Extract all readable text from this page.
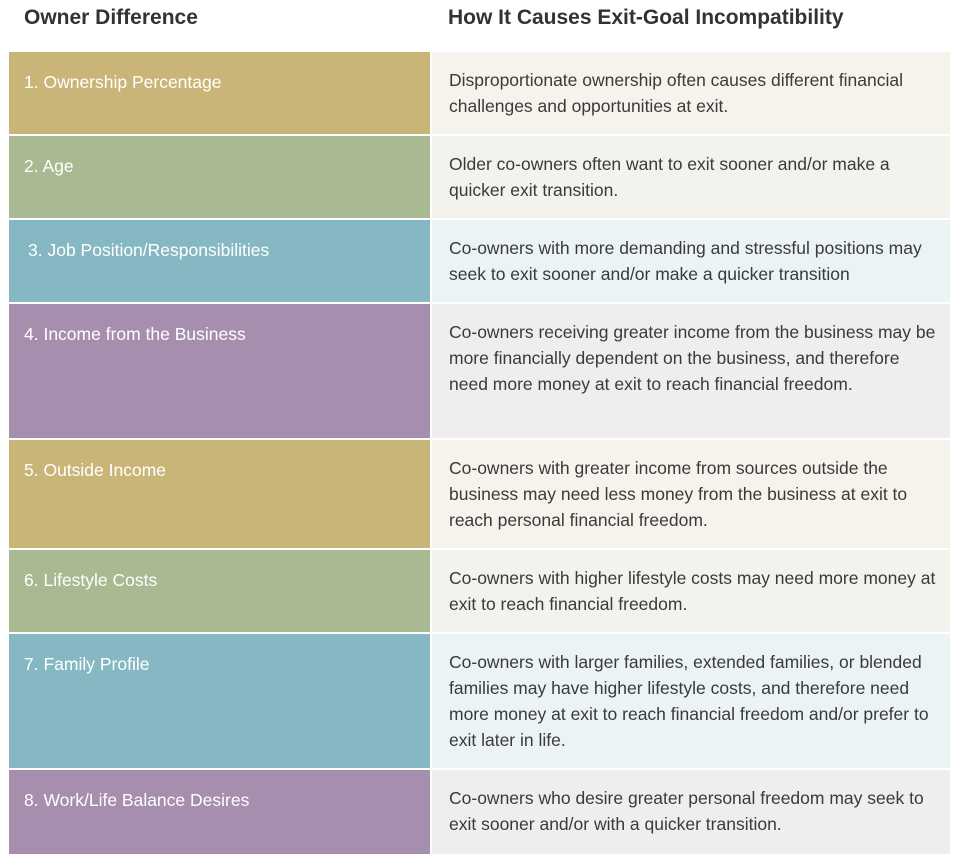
Owner Difference	How It Causes Exit-Goal Incompatibility
1. Ownership Percentage	Disproportionate ownership often causes different financial challenges and opportunities at exit.
2. Age	Older co-owners often want to exit sooner and/or make a quicker exit transition.
3. Job Position/Responsibilities	Co-owners with more demanding and stressful positions may seek to exit sooner and/or make a quicker transition
4. Income from the Business	Co-owners receiving greater income from the business may be more financially dependent on the business, and therefore need more money at exit to reach financial freedom.
5. Outside Income	Co-owners with greater income from sources outside the business may need less money from the business at exit to reach personal financial freedom.
6. Lifestyle Costs	Co-owners with higher lifestyle costs may need more money at exit to reach financial freedom.
7. Family Profile	Co-owners with larger families, extended families, or blended families may have higher lifestyle costs, and therefore need more money at exit to reach financial freedom and/or prefer to exit later in life.
8. Work/Life Balance Desires	Co-owners who desire greater personal freedom may seek to exit sooner and/or with a quicker transition.
